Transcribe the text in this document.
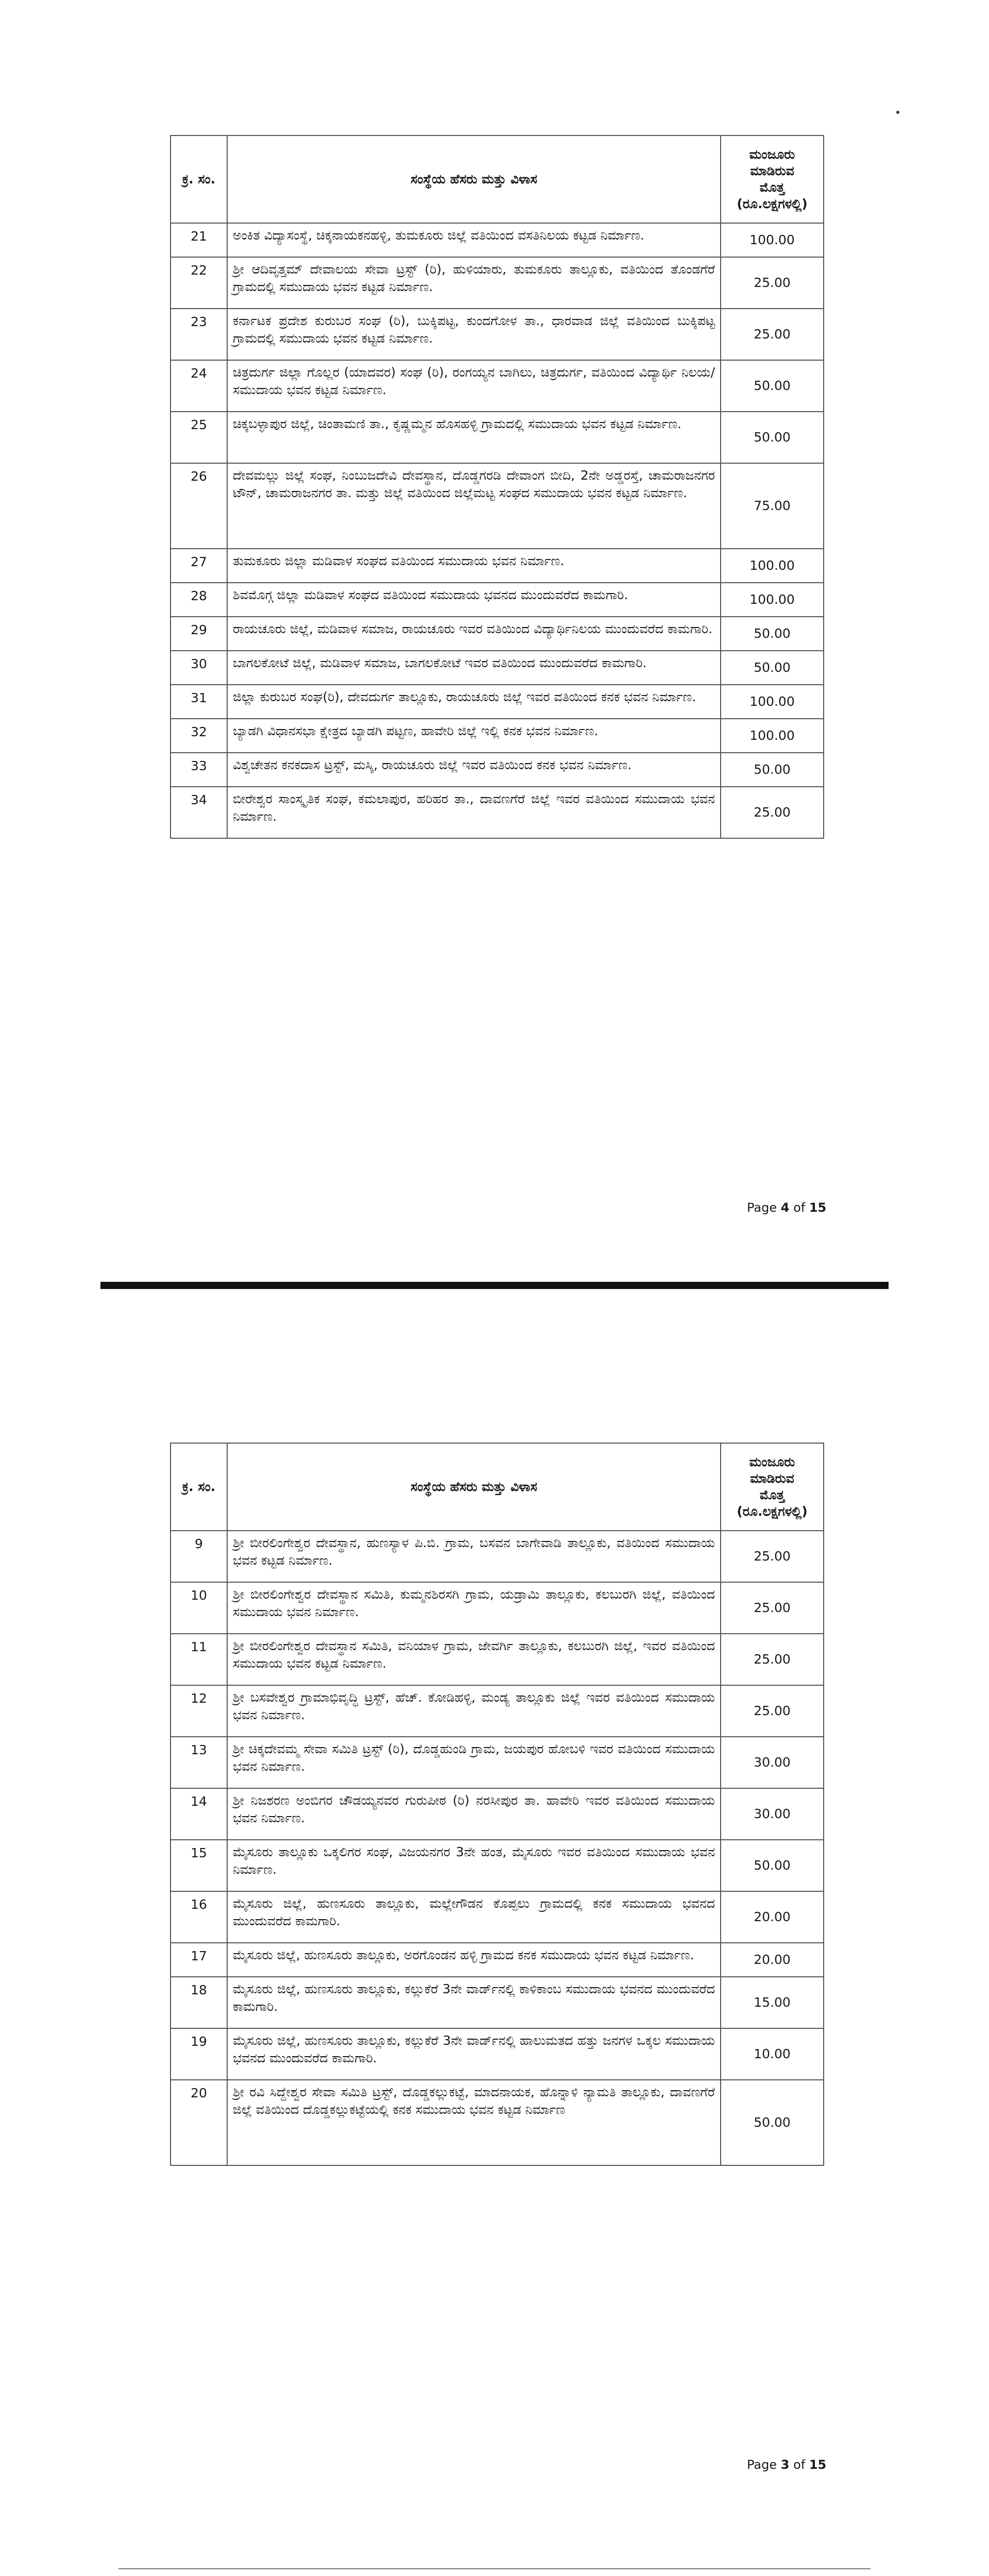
ಕ್ರ. ಸಂ.	ಸಂಸ್ಥೆಯ ಹೆಸರು ಮತ್ತು ವಿಳಾಸ	ಮಂಜೂರು
ಮಾಡಿರುವ
ಮೊತ್ತ
(ರೂ.ಲಕ್ಷಗಳಲ್ಲಿ)

21	ಅಂಕಿತ ವಿದ್ಯಾಸಂಸ್ಥೆ, ಚಿಕ್ಕನಾಯಕನಹಳ್ಳಿ, ತುಮಕೂರು ಜಿಲ್ಲೆ ವತಿಯಿಂದ ವಸತಿನಿಲಯ ಕಟ್ಟಡ ನಿರ್ಮಾಣ.	100.00
22	ಶ್ರೀ ಆದಿವೃತ್ತಮ್ ದೇವಾಲಯ ಸೇವಾ ಟ್ರಸ್ಟ್ (ರಿ), ಹುಳಿಯಾರು, ತುಮಕೂರು ತಾಲ್ಲೂಕು, ವತಿಯಿಂದ ತೊಂಡಗೆರೆ ಗ್ರಾಮದಲ್ಲಿ ಸಮುದಾಯ ಭವನ ಕಟ್ಟಡ ನಿರ್ಮಾಣ.	25.00
23	ಕರ್ನಾಟಕ ಪ್ರದೇಶ ಕುರುಬರ ಸಂಘ (ರಿ), ಬುಕ್ಕಿಪಟ್ಟ, ಕುಂದಗೋಳ ತಾ., ಧಾರವಾಡ ಜಿಲ್ಲೆ ವತಿಯಿಂದ ಬುಕ್ಕಿಪಟ್ಟ ಗ್ರಾಮದಲ್ಲಿ ಸಮುದಾಯ ಭವನ ಕಟ್ಟಡ ನಿರ್ಮಾಣ.	25.00
24	ಚಿತ್ರದುರ್ಗ ಜಿಲ್ಲಾ ಗೊಲ್ಲರ (ಯಾದವರ) ಸಂಘ (ರಿ), ರಂಗಯ್ಯನ ಬಾಗಿಲು, ಚಿತ್ರದುರ್ಗ, ವತಿಯಿಂದ ವಿದ್ಯಾರ್ಥಿ ನಿಲಯ/ ಸಮುದಾಯ ಭವನ ಕಟ್ಟಡ ನಿರ್ಮಾಣ.	50.00
25	ಚಿಕ್ಕಬಳ್ಳಾಪುರ ಜಿಲ್ಲೆ, ಚಿಂತಾಮಣಿ ತಾ., ಕೃಷ್ಣಮ್ಮನ ಹೊಸಹಳ್ಳಿ ಗ್ರಾಮದಲ್ಲಿ ಸಮುದಾಯ ಭವನ ಕಟ್ಟಡ ನಿರ್ಮಾಣ.	50.00
26	ದೇವಮಲ್ಲು ಜಿಲ್ಲೆ ಸಂಘ, ನಿಂಬುಜದೇವಿ ದೇವಸ್ಥಾನ, ದೊಡ್ಡಗರಡಿ ದೇವಾಂಗ ಬೀದಿ, 2ನೇ ಅಡ್ಡರಸ್ತೆ, ಚಾಮರಾಜನಗರ ಟೌನ್, ಚಾಮರಾಜನಗರ ತಾ. ಮತ್ತು ಜಿಲ್ಲೆ ವತಿಯಿಂದ ಜಿಲ್ಲೆಮಟ್ಟ ಸಂಘದ ಸಮುದಾಯ ಭವನ ಕಟ್ಟಡ ನಿರ್ಮಾಣ.	75.00
27	ತುಮಕೂರು ಜಿಲ್ಲಾ ಮಡಿವಾಳ ಸಂಘದ ವತಿಯಿಂದ ಸಮುದಾಯ ಭವನ ನಿರ್ಮಾಣ.	100.00
28	ಶಿವಮೊಗ್ಗ ಜಿಲ್ಲಾ ಮಡಿವಾಳ ಸಂಘದ ವತಿಯಿಂದ ಸಮುದಾಯ ಭವನದ ಮುಂದುವರೆದ ಕಾಮಗಾರಿ.	100.00
29	ರಾಯಚೂರು ಜಿಲ್ಲೆ, ಮಡಿವಾಳ ಸಮಾಜ, ರಾಯಚೂರು ಇವರ ವತಿಯಿಂದ ವಿದ್ಯಾರ್ಥಿನಿಲಯ ಮುಂದುವರೆದ ಕಾಮಗಾರಿ.	50.00
30	ಬಾಗಲಕೋಟೆ ಜಿಲ್ಲೆ, ಮಡಿವಾಳ ಸಮಾಜ, ಬಾಗಲಕೋಟೆ ಇವರ ವತಿಯಿಂದ ಮುಂದುವರೆದ ಕಾಮಗಾರಿ.	50.00
31	ಜಿಲ್ಲಾ ಕುರುಬರ ಸಂಘ(ರಿ), ದೇವದುರ್ಗ ತಾಲ್ಲೂಕು, ರಾಯಚೂರು ಜಿಲ್ಲೆ ಇವರ ವತಿಯಿಂದ ಕನಕ ಭವನ ನಿರ್ಮಾಣ.	100.00
32	ಬ್ಯಾಡಗಿ ವಿಧಾನಸಭಾ ಕ್ಷೇತ್ರದ ಬ್ಯಾಡಗಿ ಪಟ್ಟಣ, ಹಾವೇರಿ ಜಿಲ್ಲೆ ಇಲ್ಲಿ ಕನಕ ಭವನ ನಿರ್ಮಾಣ.	100.00
33	ವಿಶ್ವಚೇತನ ಕನಕದಾಸ ಟ್ರಸ್ಟ್, ಮಸ್ಕಿ, ರಾಯಚೂರು ಜಿಲ್ಲೆ ಇವರ ವತಿಯಿಂದ ಕನಕ ಭವನ ನಿರ್ಮಾಣ.	50.00
34	ಬೀರೇಶ್ವರ ಸಾಂಸ್ಕೃತಿಕ ಸಂಘ, ಕಮಲಾಪುರ, ಹರಿಹರ ತಾ., ದಾವಣಗೆರೆ ಜಿಲ್ಲೆ ಇವರ ವತಿಯಿಂದ ಸಮುದಾಯ ಭವನ ನಿರ್ಮಾಣ.	25.00
Page 4 of 15
ಕ್ರ. ಸಂ.	ಸಂಸ್ಥೆಯ ಹೆಸರು ಮತ್ತು ವಿಳಾಸ	ಮಂಜೂರು
ಮಾಡಿರುವ
ಮೊತ್ತ
(ರೂ.ಲಕ್ಷಗಳಲ್ಲಿ)

9	ಶ್ರೀ ಬೀರಲಿಂಗೇಶ್ವರ ದೇವಸ್ಥಾನ, ಹುಣಸ್ಯಾಳ ಪಿ.ಬಿ. ಗ್ರಾಮ, ಬಸವನ ಬಾಗೇವಾಡಿ ತಾಲ್ಲೂಕು, ವತಿಯಿಂದ ಸಮುದಾಯ ಭವನ ಕಟ್ಟಡ ನಿರ್ಮಾಣ.	25.00
10	ಶ್ರೀ ಬೀರಲಿಂಗೇಶ್ವರ ದೇವಸ್ಥಾನ ಸಮಿತಿ, ಕುಮ್ಮನಶಿರಸಗಿ ಗ್ರಾಮ, ಯಡ್ರಾಮಿ ತಾಲ್ಲೂಕು, ಕಲಬುರಗಿ ಜಿಲ್ಲೆ, ವತಿಯಿಂದ ಸಮುದಾಯ ಭವನ ನಿರ್ಮಾಣ.	25.00
11	ಶ್ರೀ ಬೀರಲಿಂಗೇಶ್ವರ ದೇವಸ್ಥಾನ ಸಮಿತಿ, ವನಿಯಾಳ ಗ್ರಾಮ, ಜೇವರ್ಗಿ ತಾಲ್ಲೂಕು, ಕಲಬುರಗಿ ಜಿಲ್ಲೆ, ಇವರ ವತಿಯಿಂದ ಸಮುದಾಯ ಭವನ ಕಟ್ಟಡ ನಿರ್ಮಾಣ.	25.00
12	ಶ್ರೀ ಬಸವೇಶ್ವರ ಗ್ರಾಮಾಭಿವೃದ್ಧಿ ಟ್ರಸ್ಟ್, ಹೆಚ್. ಕೋಡಿಹಳ್ಳಿ, ಮಂಡ್ಯ ತಾಲ್ಲೂಕು ಜಿಲ್ಲೆ ಇವರ ವತಿಯಿಂದ ಸಮುದಾಯ ಭವನ ನಿರ್ಮಾಣ.	25.00
13	ಶ್ರೀ ಚಿಕ್ಕದೇವಮ್ಮ ಸೇವಾ ಸಮಿತಿ ಟ್ರಸ್ಟ್ (ರಿ), ದೊಡ್ಡಹುಂಡಿ ಗ್ರಾಮ, ಜಯಪುರ ಹೋಬಳಿ ಇವರ ವತಿಯಿಂದ ಸಮುದಾಯ ಭವನ ನಿರ್ಮಾಣ.	30.00
14	ಶ್ರೀ ನಿಜಶರಣ ಅಂಬಿಗರ ಚೌಡಯ್ಯನವರ ಗುರುಪೀಠ (ರಿ) ನರಸೀಪುರ ತಾ. ಹಾವೇರಿ ಇವರ ವತಿಯಿಂದ ಸಮುದಾಯ ಭವನ ನಿರ್ಮಾಣ.	30.00
15	ಮೈಸೂರು ತಾಲ್ಲೂಕು ಒಕ್ಕಲಿಗರ ಸಂಘ, ವಿಜಯನಗರ 3ನೇ ಹಂತ, ಮೈಸೂರು ಇವರ ವತಿಯಿಂದ ಸಮುದಾಯ ಭವನ ನಿರ್ಮಾಣ.	50.00
16	ಮೈಸೂರು ಜಿಲ್ಲೆ, ಹುಣಸೂರು ತಾಲ್ಲೂಕು, ಮಲ್ಲೇಗೌಡನ ಕೊಪ್ಪಲು ಗ್ರಾಮದಲ್ಲಿ ಕನಕ ಸಮುದಾಯ ಭವನದ ಮುಂದುವರೆದ ಕಾಮಗಾರಿ.	20.00
17	ಮೈಸೂರು ಜಿಲ್ಲೆ, ಹುಣಸೂರು ತಾಲ್ಲೂಕು, ಅರಗೊಂಡನ ಹಳ್ಳಿ ಗ್ರಾಮದ ಕನಕ ಸಮುದಾಯ ಭವನ ಕಟ್ಟಡ ನಿರ್ಮಾಣ.	20.00
18	ಮೈಸೂರು ಜಿಲ್ಲೆ, ಹುಣಸೂರು ತಾಲ್ಲೂಕು, ಕಲ್ಲುಕೆರೆ 3ನೇ ವಾರ್ಡ್‌ನಲ್ಲಿ ಕಾಳಿಕಾಂಬ ಸಮುದಾಯ ಭವನದ ಮುಂದುವರೆದ ಕಾಮಗಾರಿ.	15.00
19	ಮೈಸೂರು ಜಿಲ್ಲೆ, ಹುಣಸೂರು ತಾಲ್ಲೂಕು, ಕಲ್ಲುಕೆರೆ 3ನೇ ವಾರ್ಡ್‌ನಲ್ಲಿ ಹಾಲುಮತದ ಹತ್ತು ಜನಗಳ ಒಕ್ಕಲ ಸಮುದಾಯ ಭವನದ ಮುಂದುವರೆದ ಕಾಮಗಾರಿ.	10.00
20	ಶ್ರೀ ರವಿ ಸಿದ್ದೇಶ್ವರ ಸೇವಾ ಸಮಿತಿ ಟ್ರಸ್ಟ್, ದೊಡ್ಡಕಲ್ಲುಕಟ್ಟೆ, ಮಾದನಾಯಕ, ಹೊನ್ನಾಳಿ ನ್ಯಾಮತಿ ತಾಲ್ಲೂಕು, ದಾವಣಗೆರೆ ಜಿಲ್ಲೆ ವತಿಯಿಂದ ದೊಡ್ಡಕಲ್ಲುಕಟ್ಟೆಯಲ್ಲಿ ಕನಕ ಸಮುದಾಯ ಭವನ ಕಟ್ಟಡ ನಿರ್ಮಾಣ	50.00
Page 3 of 15
